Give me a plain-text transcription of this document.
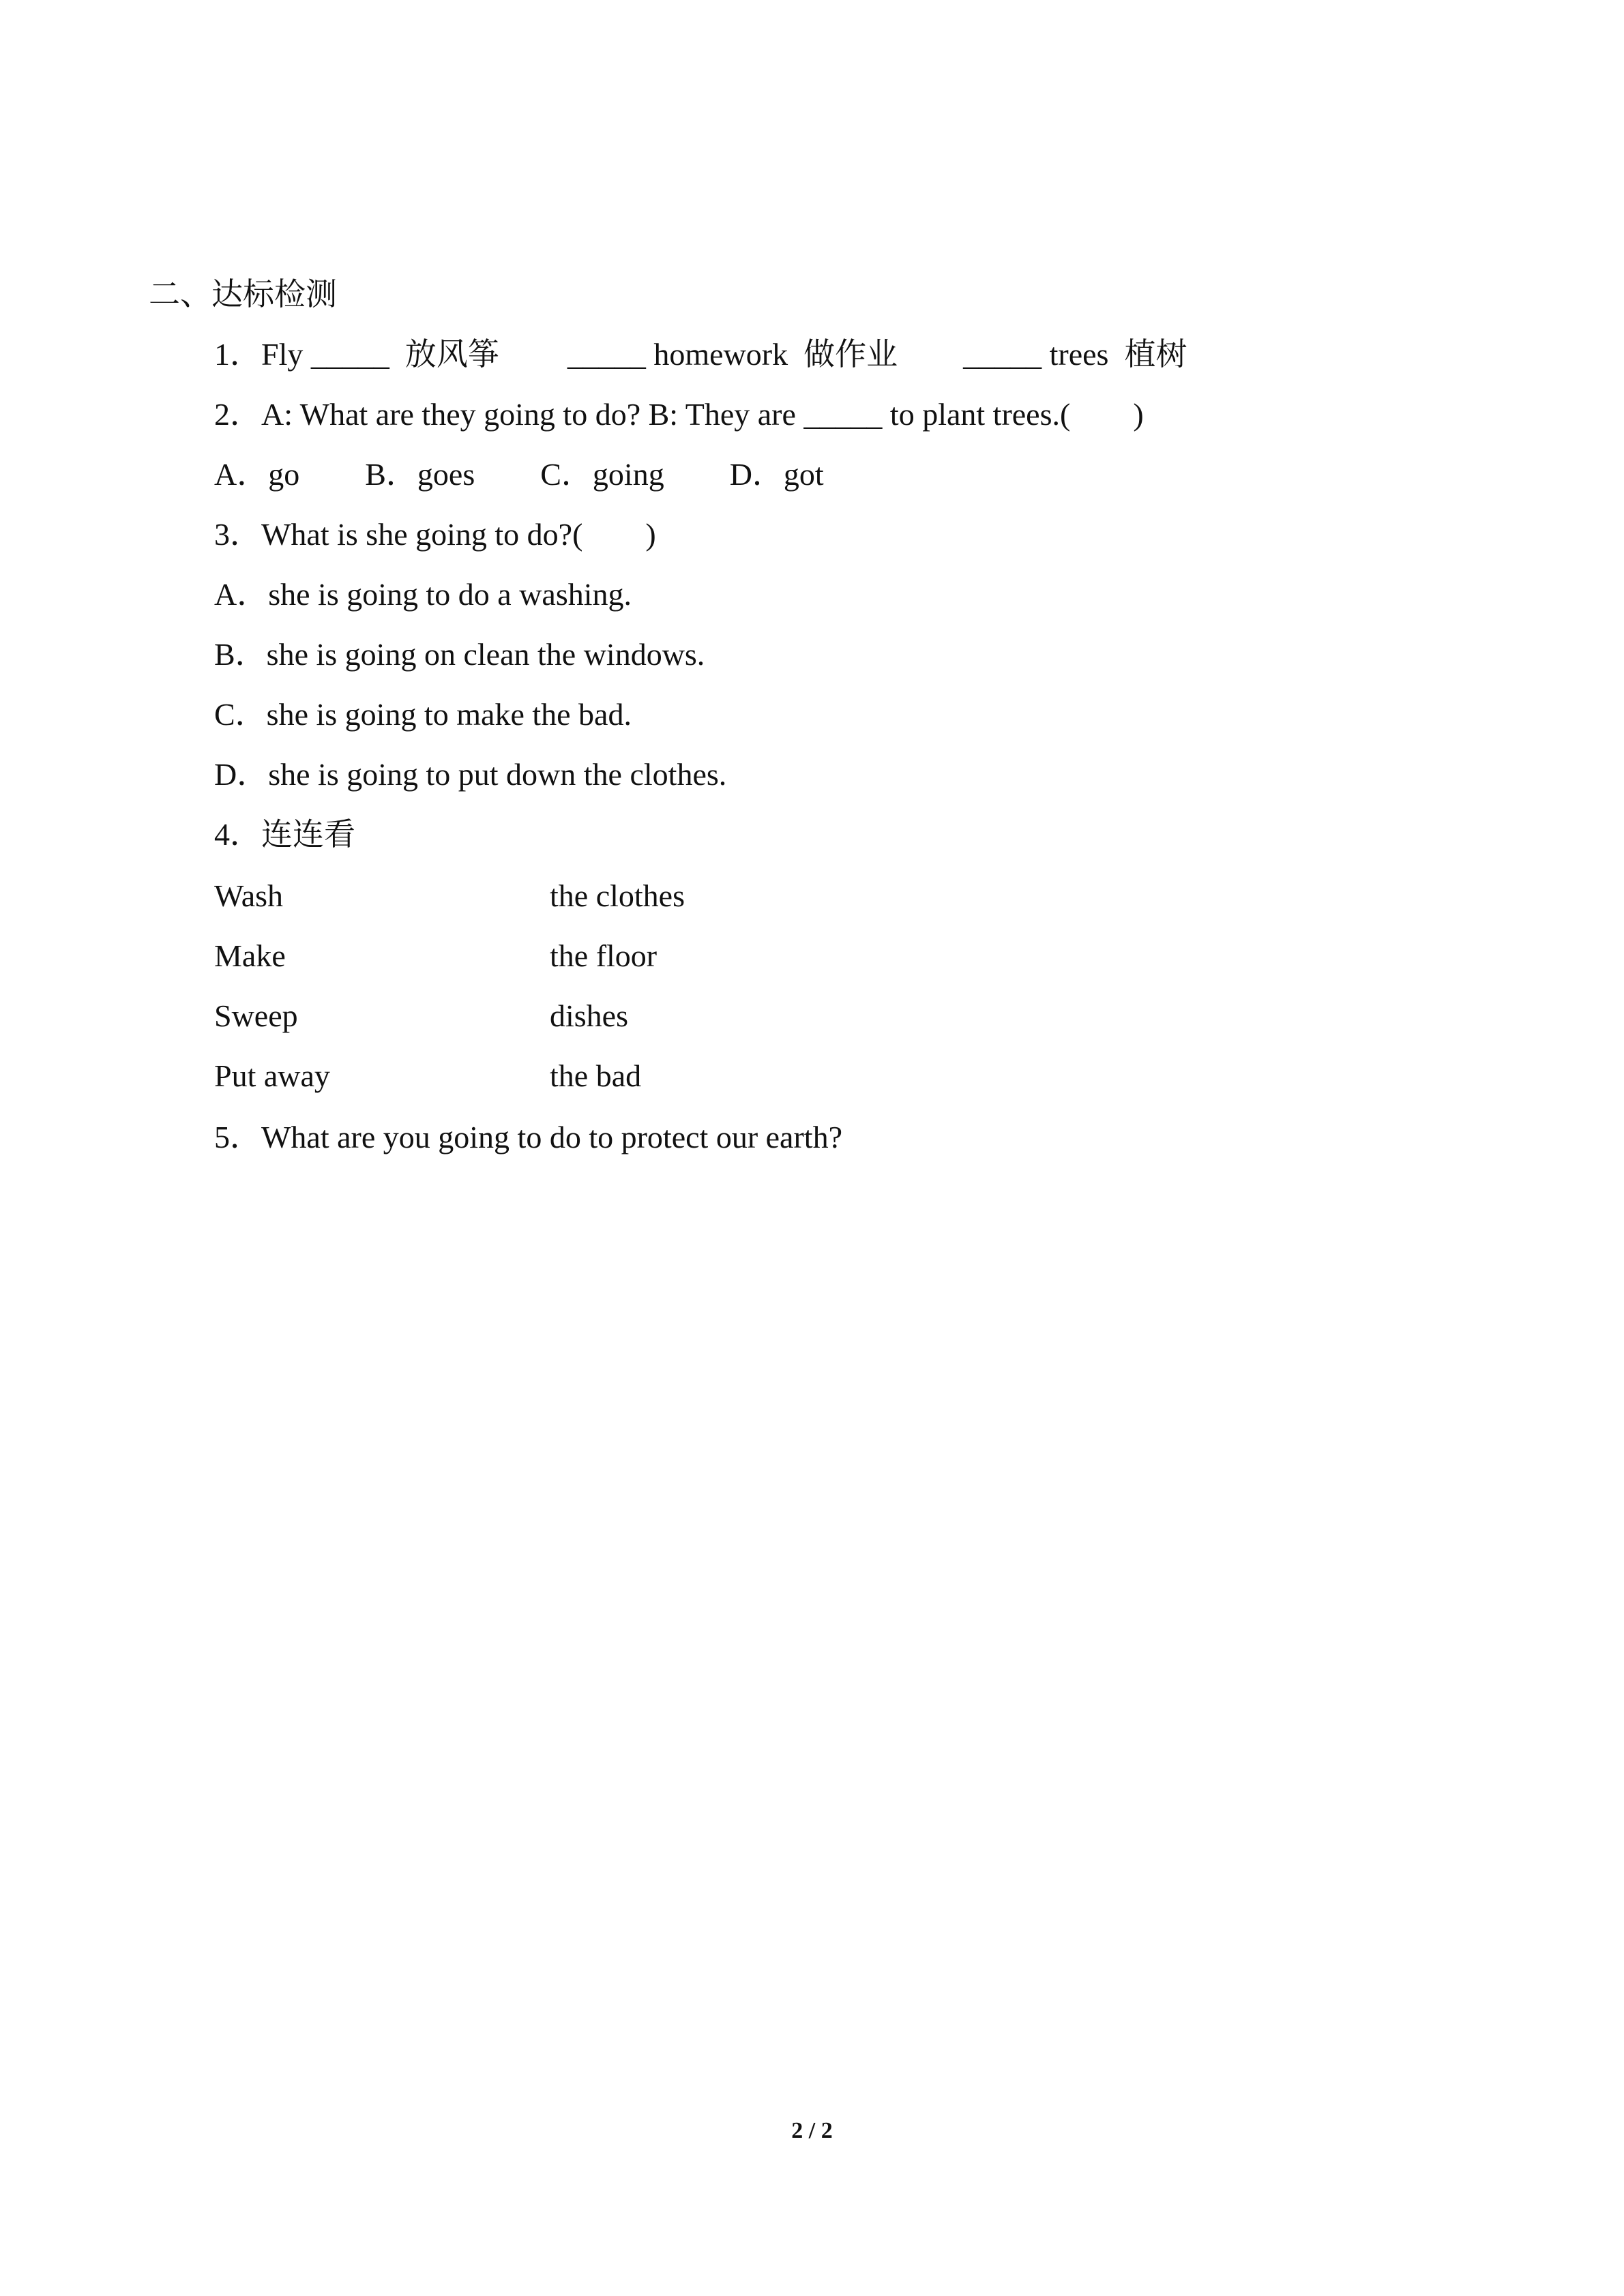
二、达标检测
1．Fly _____  放风筝 _____ homework  做作业 _____ trees  植树
2．A: What are they going to do? B: They are _____ to plant trees.(        )
A．go B．goes C．going D．got
3．What is she going to do?(        )
A．she is going to do a washing.
B．she is going on clean the windows.
C．she is going to make the bad.
D．she is going to put down the clothes.
4．连连看
Wash	the clothes
Make	the floor
Sweep	dishes
Put away	the bad
5．What are you going to do to protect our earth?
2 / 2
